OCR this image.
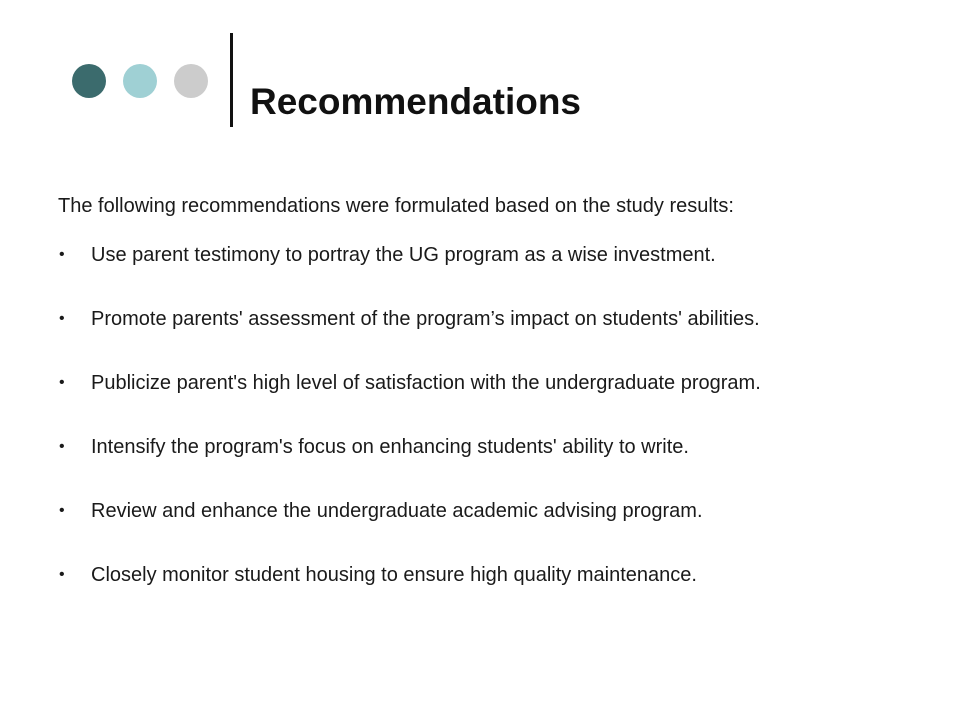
Recommendations

The following recommendations were formulated based on the study results:

• Use parent testimony to portray the UG program as a wise investment.
• Promote parents' assessment of the program’s impact on students' abilities.
• Publicize parent's high level of satisfaction with the undergraduate program.
• Intensify the program's focus on enhancing students' ability to write.
• Review and enhance the undergraduate academic advising program.
• Closely monitor student housing to ensure high quality maintenance.
